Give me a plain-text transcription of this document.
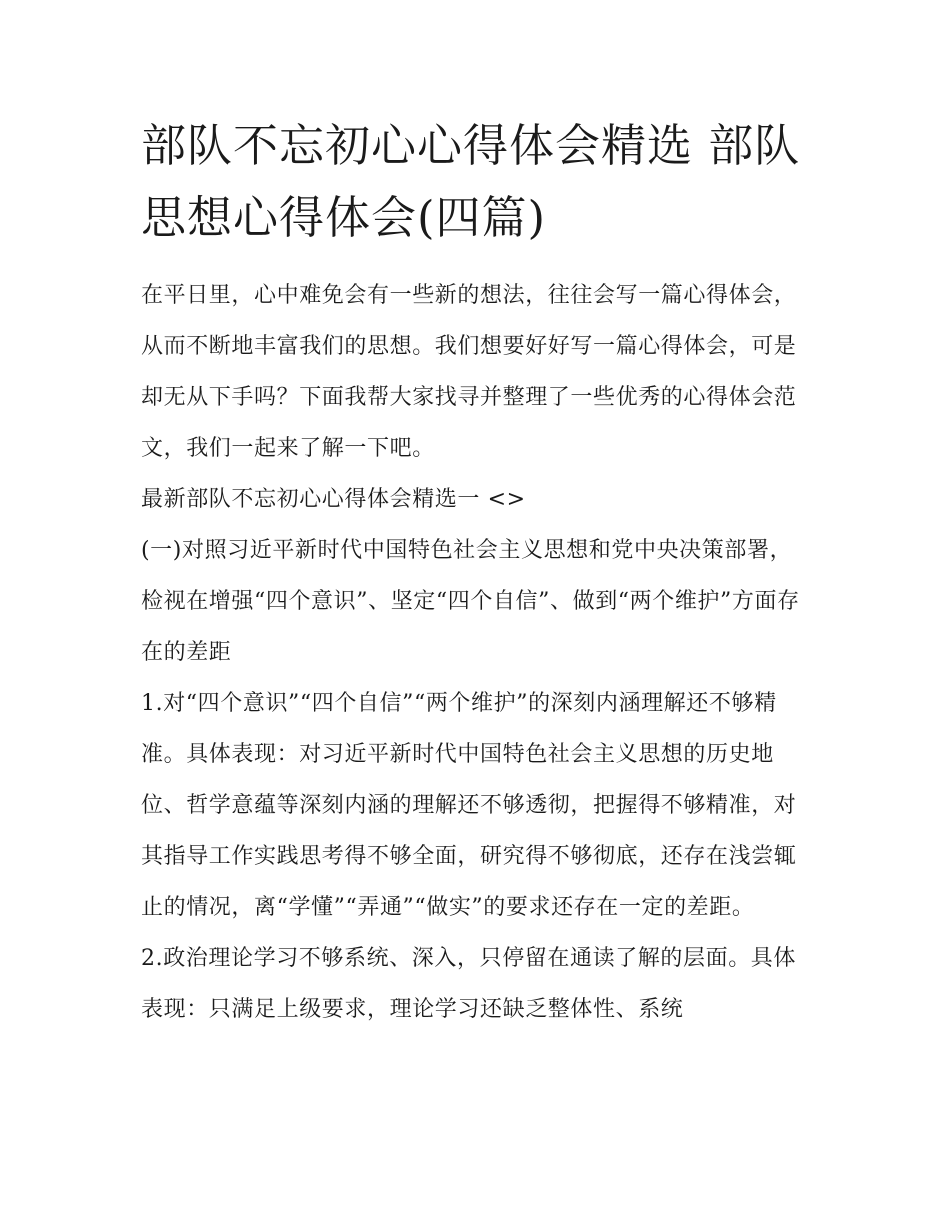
部队不忘初心心得体会精选 部队思想心得体会(四篇)

在平日里，心中难免会有一些新的想法，往往会写一篇心得体会，从而不断地丰富我们的思想。我们想要好好写一篇心得体会，可是却无从下手吗？下面我帮大家找寻并整理了一些优秀的心得体会范文，我们一起来了解一下吧。

最新部队不忘初心心得体会精选一 <>

(一)对照习近平新时代中国特色社会主义思想和党中央决策部署，检视在增强“四个意识”、坚定“四个自信”、做到“两个维护”方面存在的差距

1.对“四个意识”“四个自信”“两个维护”的深刻内涵理解还不够精准。具体表现：对习近平新时代中国特色社会主义思想的历史地位、哲学意蕴等深刻内涵的理解还不够透彻，把握得不够精准，对其指导工作实践思考得不够全面，研究得不够彻底，还存在浅尝辄止的情况，离“学懂”“弄通”“做实”的要求还存在一定的差距。

2.政治理论学习不够系统、深入，只停留在通读了解的层面。具体表现：只满足上级要求，理论学习还缺乏整体性、系统
